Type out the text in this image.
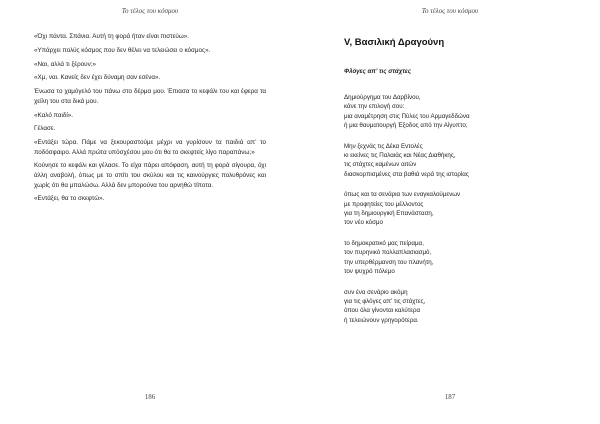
Το τέλος του κόσμου

«Όχι πάντα. Σπάνια. Αυτή τη φορά ήταν είναι πιστεύω».

«Υπάρχει πολύς κόσμος που δεν θέλει να τελειώσει ο κόσμος».

«Ναι, αλλά τι ξέρουν;»

«Χμ, ναι. Κανείς δεν έχει δύναμη σαν εσένα».

Ένωσα το χαμόγελό του πάνω στο δέρμα μου. Έπιασα το κεφάλι του και έφερα τα χείλη του στα δικά μου.

«Καλό παιδί».

Γέλασε.

«Εντάξει τώρα. Πάμε να ξεκουραστούμε μέχρι να γυρίσουν τα παιδιά απ’ το ποδόσφαιρο. Αλλά πρώτα υπόσχέσου μου ότι θα το σκεφτείς λίγο παραπάνω;»

Κούνησε το κεφάλι και γέλασε. Το είχα πάρει απόφαση, αυτή τη φορά σίγουρα, όχι άλλη αναβολή, όπως με το σπίτι του σκύλου και τις καινούργιες πολυθρόνες και χωρίς ότι θα μπαλώσω. Αλλά δεν μπορούνα του αρνηθώ τίποτα.

«Εντάξει, θα το σκεφτώ».

186
Το τέλος του κόσμου
V, Βασιλική Δραγούνη
Φλόγες απ’ τις στάχτες
Δημιούργημα του Δαρβίνου,
κάνε την επιλογή σου:
μια αναμέτρηση στις Πύλες του Αρμαγεδδώνα
ή μια θαυματουργή Έξοδος από την Αίγυπτο;
Μην ξεχνάς τις Δέκα Εντολές
κι εκείνες τις Παλαιάς και Νέας Διαθήκης,
τις στάχτες καμένων αιτών
διασκορπισμένες στα βαθιά νερά της ιστορίας
όπως και τα σενάρια των εναγκαλούμενων
με προφητείες του μέλλοντος
για τη δημιουργική Επανάσταση,
τον νέο κόσμο
το δημοκρατικό μας πείραμα,
τον πυρηνικό πολλαπλασιασμό,
την υπερθέρμανση του πλανήτη,
τον ψυχρό πόλεμο
συν ένα σενάριο ακόμη
για τις φλόγες απ’ τις στάχτες,
όπου όλα γίνονται καλύτερα
ή τελειώνουν γρηγορότερα.
187
